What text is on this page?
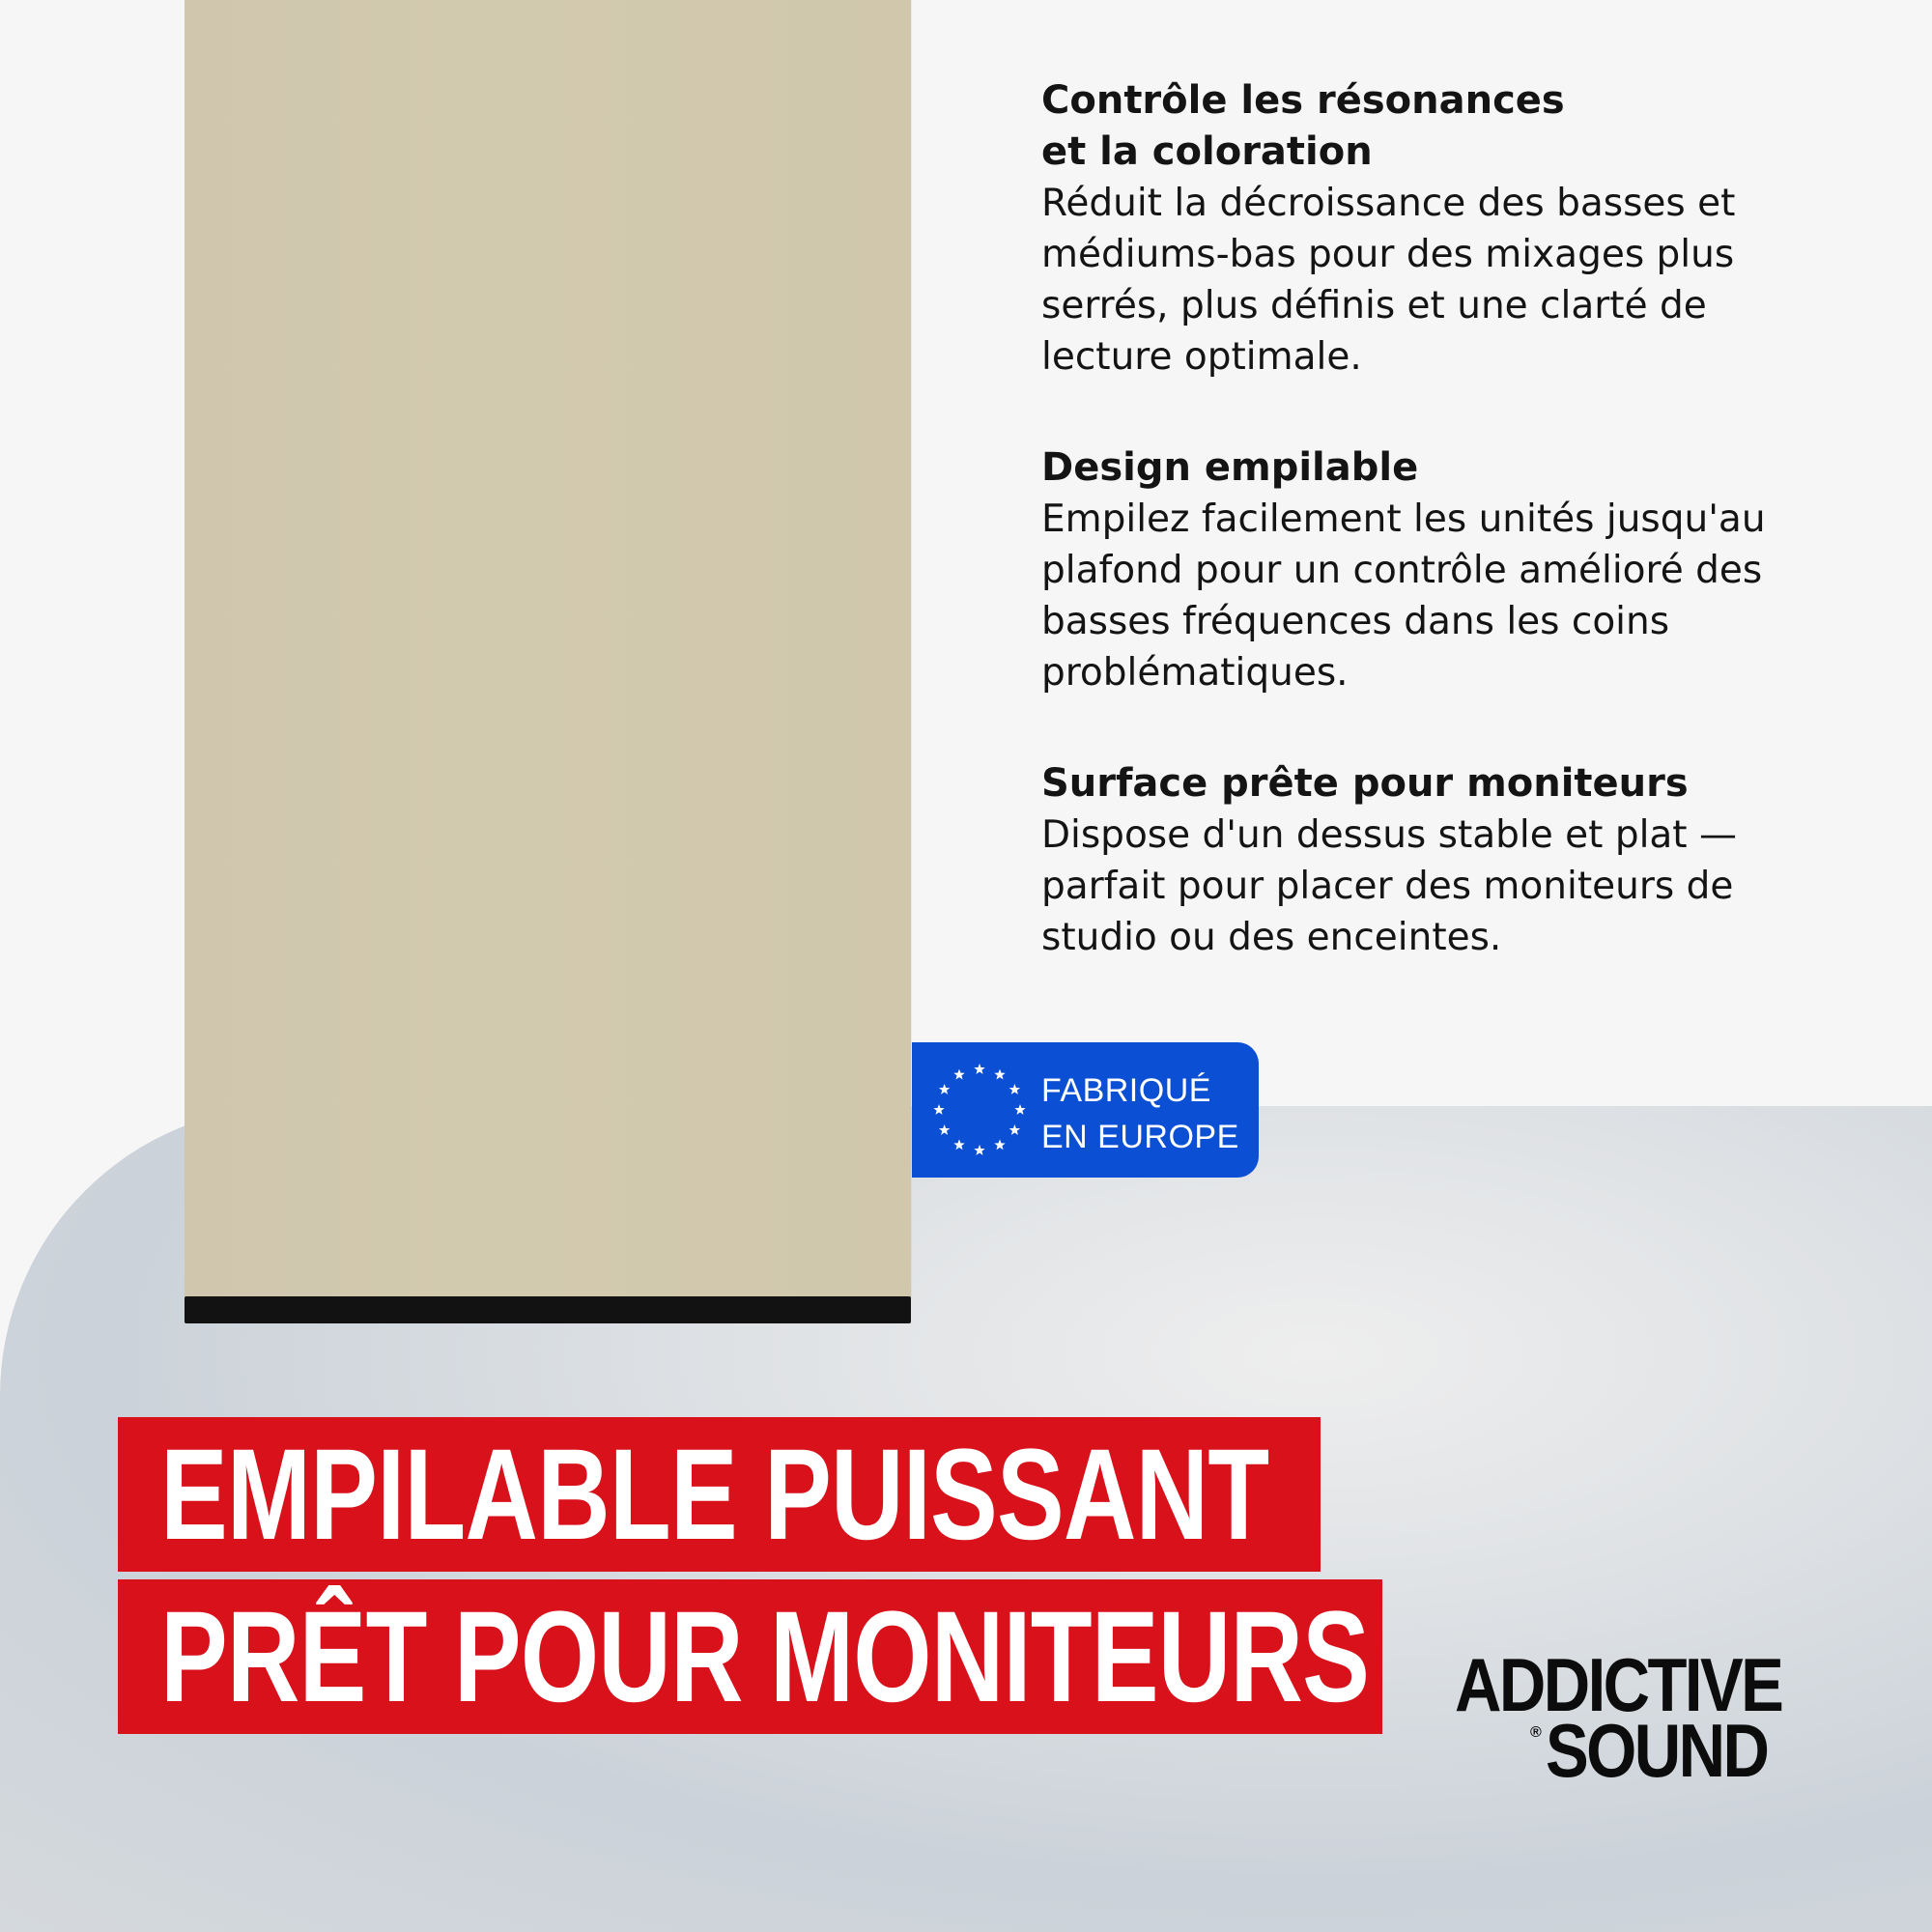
Contrôle les résonances
et la coloration
Réduit la décroissance des basses et
médiums-bas pour des mixages plus
serrés, plus définis et une clarté de
lecture optimale.
Design empilable
Empilez facilement les unités jusqu'au
plafond pour un contrôle amélioré des
basses fréquences dans les coins
problématiques.
Surface prête pour moniteurs
Dispose d'un dessus stable et plat —
parfait pour placer des moniteurs de
studio ou des enceintes.
FABRIQUÉ
EN EUROPE
EMPILABLE PUISSANT
PRÊT POUR MONITEURS ADDICTIVE
® SOUND
